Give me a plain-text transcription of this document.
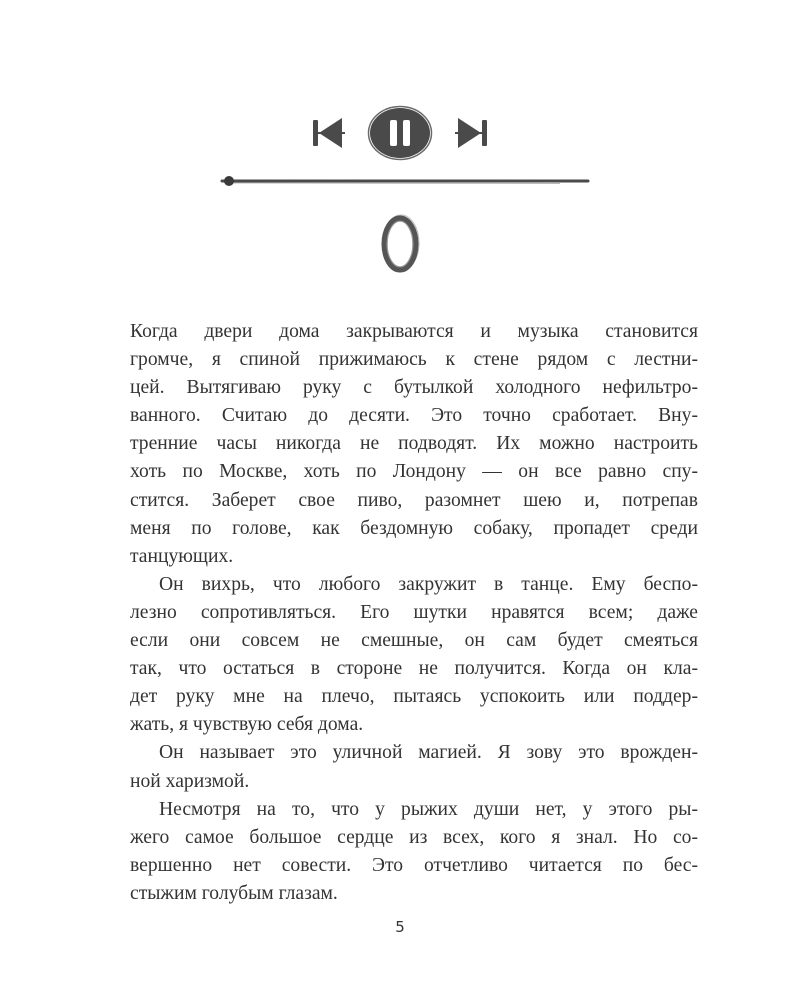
Когда двери дома закрываются и музыка становится
громче, я спиной прижимаюсь к стене рядом с лестни-
цей. Вытягиваю руку с бутылкой холодного нефильтро-
ванного. Считаю до десяти. Это точно сработает. Вну-
тренние часы никогда не подводят. Их можно настроить
хоть по Москве, хоть по Лондону — он все равно спу-
стится. Заберет свое пиво, разомнет шею и, потрепав
меня по голове, как бездомную собаку, пропадет среди
танцующих.
Он вихрь, что любого закружит в танце. Ему беспо-
лезно сопротивляться. Его шутки нравятся всем; даже
если они совсем не смешные, он сам будет смеяться
так, что остаться в стороне не получится. Когда он кла-
дет руку мне на плечо, пытаясь успокоить или поддер-
жать, я чувствую себя дома.
Он называет это уличной магией. Я зову это врожден-
ной харизмой.
Несмотря на то, что у рыжих души нет, у этого ры-
жего самое большое сердце из всех, кого я знал. Но со-
вершенно нет совести. Это отчетливо читается по бес-
стыжим голубым глазам.
5
